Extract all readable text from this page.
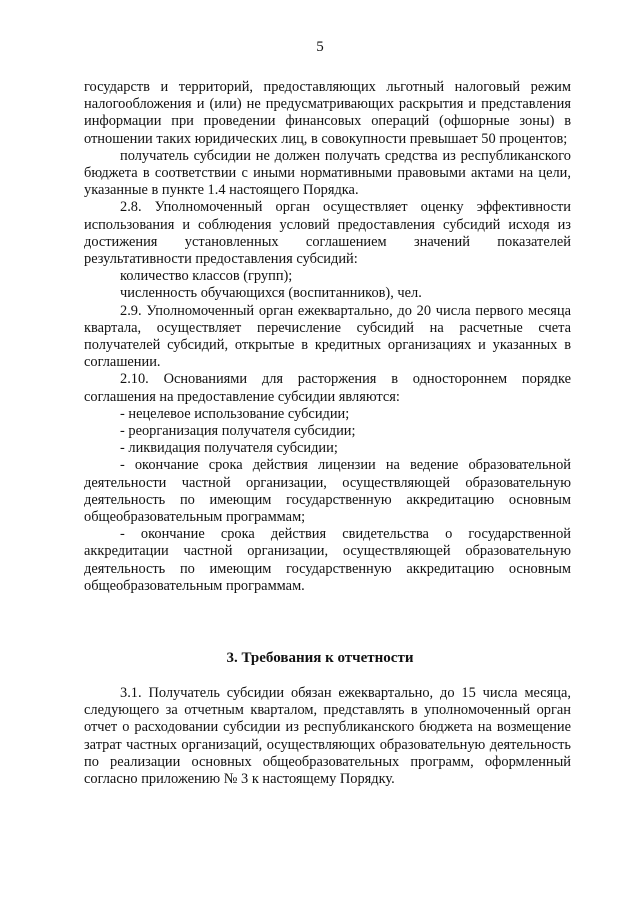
5

государств и территорий, предоставляющих льготный налоговый режим налогообложения и (или) не предусматривающих раскрытия и представления информации при проведении финансовых операций (офшорные зоны) в отношении таких юридических лиц, в совокупности превышает 50 процентов;

получатель субсидии не должен получать средства из республиканского бюджета в соответствии с иными нормативными правовыми актами на цели, указанные в пункте 1.4 настоящего Порядка.

2.8. Уполномоченный орган осуществляет оценку эффективности использования и соблюдения условий предоставления субсидий исходя из достижения установленных соглашением значений показателей результативности предоставления субсидий:

количество классов (групп);

численность обучающихся (воспитанников), чел.

2.9. Уполномоченный орган ежеквартально, до 20 числа первого месяца квартала, осуществляет перечисление субсидий на расчетные счета получателей субсидий, открытые в кредитных организациях и указанных в соглашении.

2.10. Основаниями для расторжения в одностороннем порядке соглашения на предоставление субсидии являются:

- нецелевое использование субсидии;

- реорганизация получателя субсидии;

- ликвидация получателя субсидии;

- окончание срока действия лицензии на ведение образовательной деятельности частной организации, осуществляющей образовательную деятельность по имеющим государственную аккредитацию основным общеобразовательным программам;

- окончание срока действия свидетельства о государственной аккредитации частной организации, осуществляющей образовательную деятельность по имеющим государственную аккредитацию основным общеобразовательным программам.

3. Требования к отчетности

3.1. Получатель субсидии обязан ежеквартально, до 15 числа месяца, следующего за отчетным кварталом, представлять в уполномоченный орган отчет о расходовании субсидии из республиканского бюджета на возмещение затрат частных организаций, осуществляющих образовательную деятельность по реализации основных общеобразовательных программ, оформленный согласно приложению № 3 к настоящему Порядку.
